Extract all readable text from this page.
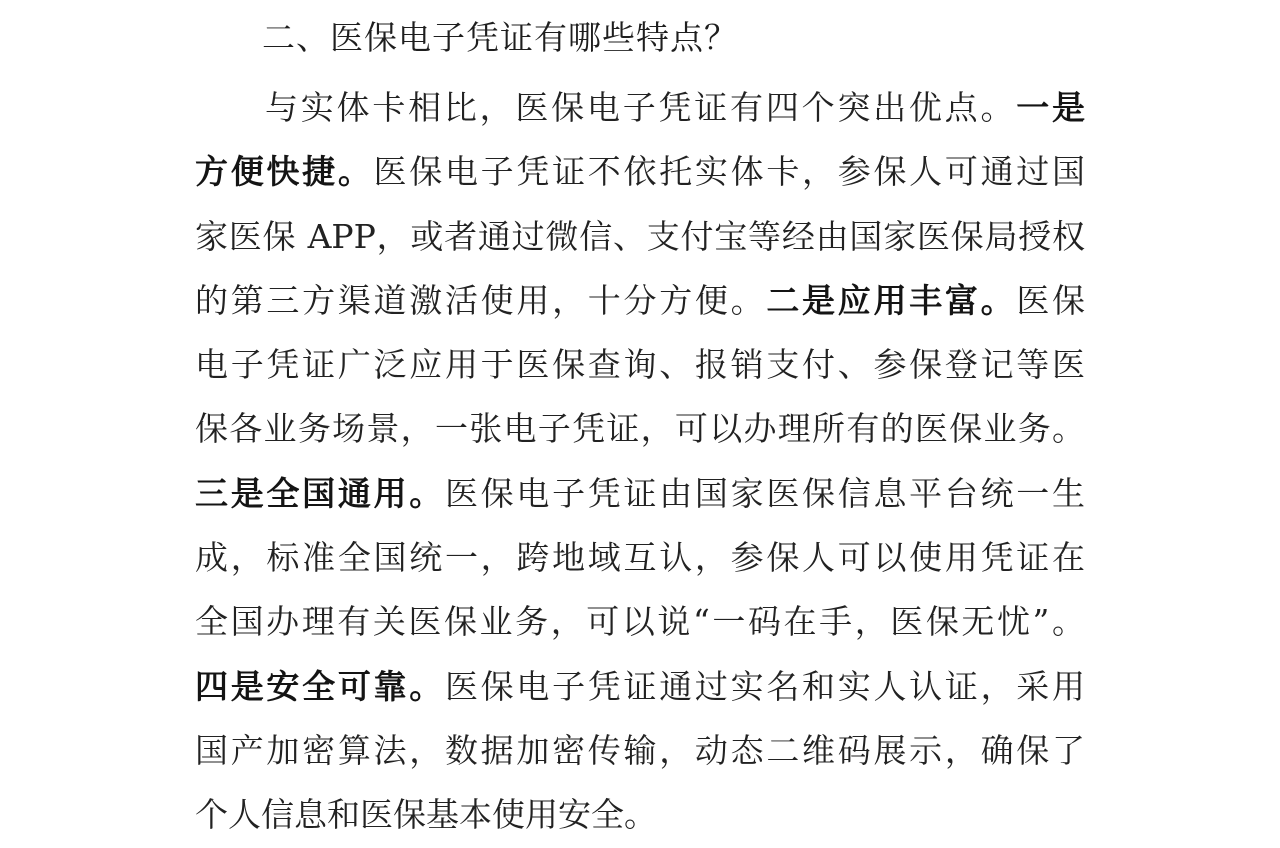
二、医保电子凭证有哪些特点？
与实体卡相比，医保电子凭证有四个突出优点。一是
方便快捷。医保电子凭证不依托实体卡，参保人可通过国
家医保 APP，或者通过微信、支付宝等经由国家医保局授权
的第三方渠道激活使用，十分方便。二是应用丰富。医保
电子凭证广泛应用于医保查询、报销支付、参保登记等医
保各业务场景，一张电子凭证，可以办理所有的医保业务。
三是全国通用。医保电子凭证由国家医保信息平台统一生
成，标准全国统一，跨地域互认，参保人可以使用凭证在
全国办理有关医保业务，可以说“一码在手，医保无忧”。
四是安全可靠。医保电子凭证通过实名和实人认证，采用
国产加密算法，数据加密传输，动态二维码展示，确保了
个人信息和医保基本使用安全。
